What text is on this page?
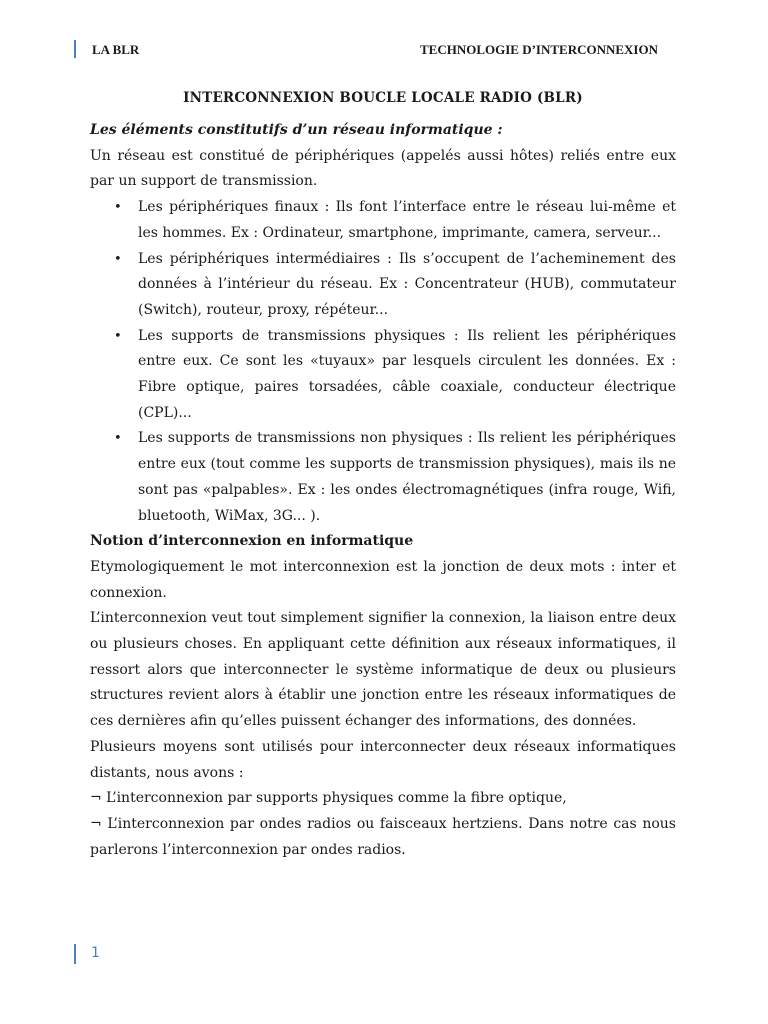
LA BLR	TECHNOLOGIE D’INTERCONNEXION
INTERCONNEXION BOUCLE LOCALE RADIO (BLR)

Les éléments constitutifs d’un réseau informatique :

Un réseau est constitué de périphériques (appelés aussi hôtes) reliés entre eux par un support de transmission.

• Les périphériques finaux : Ils font l’interface entre le réseau lui-même et les hommes. Ex : Ordinateur, smartphone, imprimante, camera, serveur...
• Les périphériques intermédiaires : Ils s’occupent de l’acheminement des données à l’intérieur du réseau. Ex : Concentrateur (HUB), commutateur (Switch), routeur, proxy, répéteur...
• Les supports de transmissions physiques : Ils relient les périphériques entre eux. Ce sont les «tuyaux» par lesquels circulent les données. Ex : Fibre optique, paires torsadées, câble coaxiale, conducteur électrique (CPL)...
• Les supports de transmissions non physiques : Ils relient les périphériques entre eux (tout comme les supports de transmission physiques), mais ils ne sont pas «palpables». Ex : les ondes électromagnétiques (infra rouge, Wifi, bluetooth, WiMax, 3G... ).

Notion d’interconnexion en informatique

Etymologiquement le mot interconnexion est la jonction de deux mots : inter et connexion.

L’interconnexion veut tout simplement signifier la connexion, la liaison entre deux ou plusieurs choses. En appliquant cette définition aux réseaux informatiques, il ressort alors que interconnecter le système informatique de deux ou plusieurs structures revient alors à établir une jonction entre les réseaux informatiques de ces dernières afin qu’elles puissent échanger des informations, des données.

Plusieurs moyens sont utilisés pour interconnecter deux réseaux informatiques distants, nous avons :

¬ L’interconnexion par supports physiques comme la fibre optique,

¬ L’interconnexion par ondes radios ou faisceaux hertziens. Dans notre cas nous parlerons l’interconnexion par ondes radios.

1
